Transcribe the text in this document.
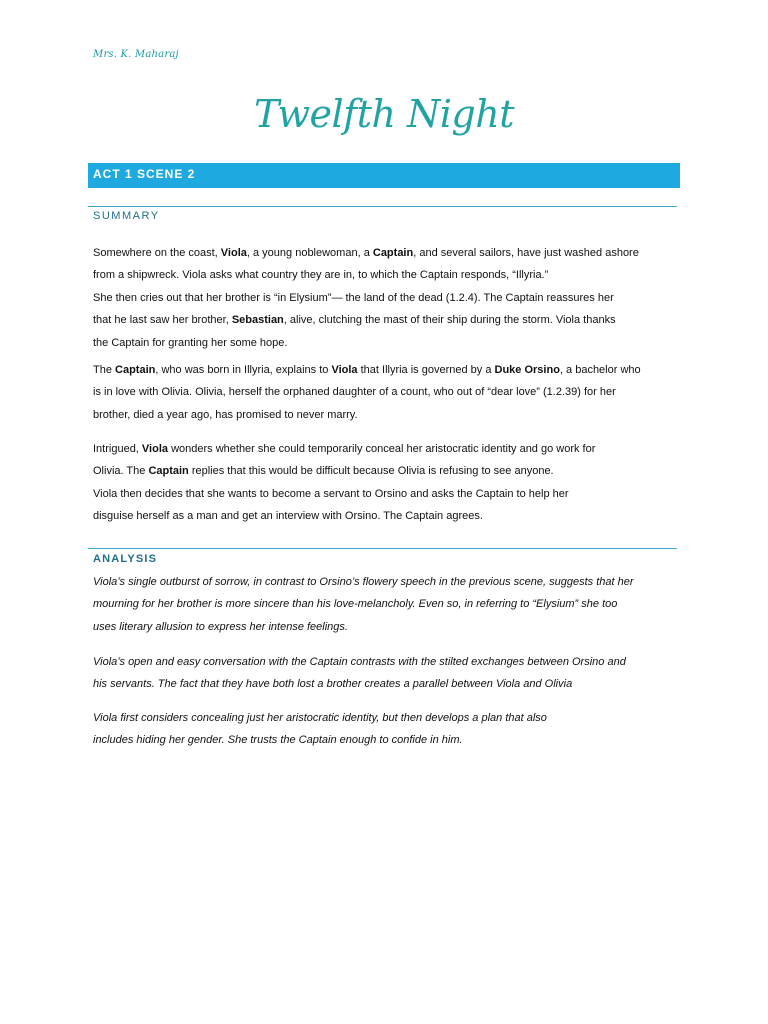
Mrs. K. Maharaj
Twelfth Night
ACT 1 SCENE 2
SUMMARY
Somewhere on the coast, Viola, a young noblewoman, a Captain, and several sailors, have just washed ashore
from a shipwreck. Viola asks what country they are in, to which the Captain responds, “Illyria.”
She then cries out that her brother is “in Elysium”— the land of the dead (1.2.4). The Captain reassures her
that he last saw her brother, Sebastian, alive, clutching the mast of their ship during the storm. Viola thanks
the Captain for granting her some hope.
The Captain, who was born in Illyria, explains to Viola that Illyria is governed by a Duke Orsino, a bachelor who
is in love with Olivia. Olivia, herself the orphaned daughter of a count, who out of “dear love” (1.2.39) for her
brother, died a year ago, has promised to never marry.
Intrigued, Viola wonders whether she could temporarily conceal her aristocratic identity and go work for
Olivia. The Captain replies that this would be difficult because Olivia is refusing to see anyone.
Viola then decides that she wants to become a servant to Orsino and asks the Captain to help her
disguise herself as a man and get an interview with Orsino. The Captain agrees.
ANALYSIS
Viola’s single outburst of sorrow, in contrast to Orsino’s flowery speech in the previous scene, suggests that her
mourning for her brother is more sincere than his love-melancholy. Even so, in referring to “Elysium” she too
uses literary allusion to express her intense feelings.
Viola’s open and easy conversation with the Captain contrasts with the stilted exchanges between Orsino and
his servants. The fact that they have both lost a brother creates a parallel between Viola and Olivia
Viola first considers concealing just her aristocratic identity, but then develops a plan that also
includes hiding her gender. She trusts the Captain enough to confide in him.
